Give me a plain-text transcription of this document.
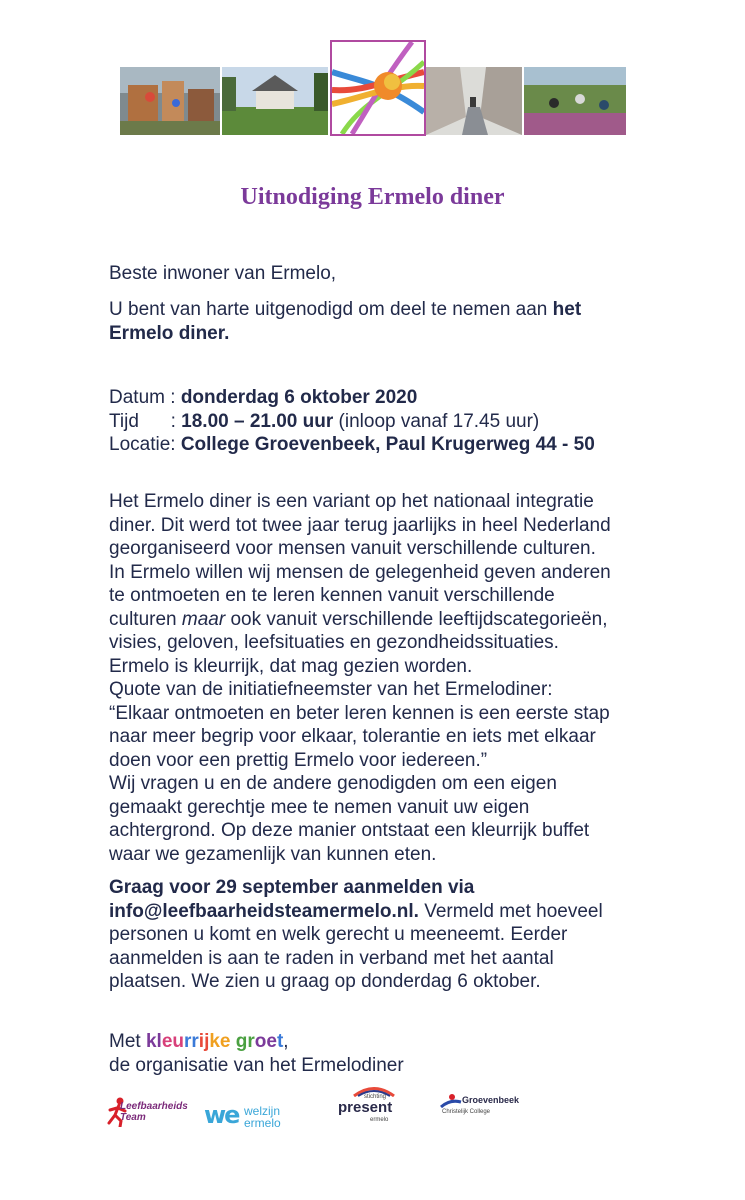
Uitnodiging Ermelo diner

Beste inwoner van Ermelo,

U bent van harte uitgenodigd om deel te nemen aan het
Ermelo diner.

Datum : donderdag 6 oktober 2020
Tijd      : 18.00 – 21.00 uur (inloop vanaf 17.45 uur)
Locatie: College Groevenbeek, Paul Krugerweg 44 - 50
Het Ermelo diner is een variant op het nationaal integratie
diner. Dit werd tot twee jaar terug jaarlijks in heel Nederland
georganiseerd voor mensen vanuit verschillende culturen.
In Ermelo willen wij mensen de gelegenheid geven anderen
te ontmoeten en te leren kennen vanuit verschillende
culturen maar ook vanuit verschillende leeftijdscategorieën,
visies, geloven, leefsituaties en gezondheidssituaties.
Ermelo is kleurrijk, dat mag gezien worden.
Quote van de initiatiefneemster van het Ermelodiner:
“Elkaar ontmoeten en beter leren kennen is een eerste stap
naar meer begrip voor elkaar, tolerantie en iets met elkaar
doen voor een prettig Ermelo voor iedereen.”
Wij vragen u en de andere genodigden om een eigen
gemaakt gerechtje mee te nemen vanuit uw eigen
achtergrond. Op deze manier ontstaat een kleurrijk buffet
waar we gezamenlijk van kunnen eten.
Graag voor 29 september aanmelden via
info@leefbaarheidsteamermelo.nl. Vermeld met hoeveel
personen u komt en welk gerecht u meeneemt. Eerder
aanmelden is aan te raden in verband met het aantal
plaatsen. We zien u graag op donderdag 6 oktober.
Met kleurrijke groet,
de organisatie van het Ermelodiner
Leefbaarheids
Team	we welzijn
ermelo
stichting
present
ermelo
Groevenbeek
Christelijk College
